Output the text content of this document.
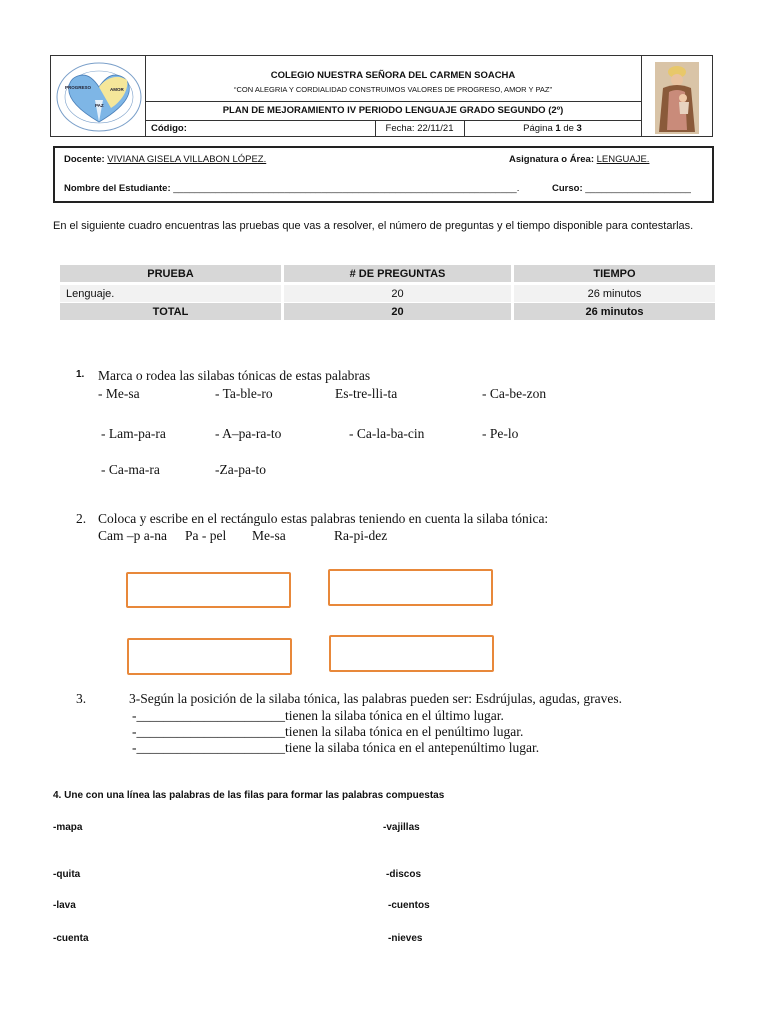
PROGRESO	AMOR
PAZ
COLEGIO NUESTRA SEÑORA DEL CARMEN SOACHA
“CON ALEGRIA Y CORDIALIDAD CONSTRUIMOS VALORES DE PROGRESO, AMOR Y PAZ”
PLAN DE MEJORAMIENTO IV PERIODO LENGUAJE GRADO SEGUNDO (2º)
Código:	Fecha: 22/11/21	Página 1 de 3
Docente: VIVIANA GISELA VILLABON LÓPEZ.	Asignatura o Área: LENGUAJE.
Nombre del Estudiante: _________________________________________________________________.	Curso: ____________________
En el siguiente cuadro encuentras las pruebas que vas a resolver, el número de preguntas y el tiempo disponible para contestarlas.
PRUEBA	# DE PREGUNTAS	TIEMPO
Lenguaje.	20	26 minutos
TOTAL	20	26 minutos
1. Marca o rodea las silabas tónicas de estas palabras
- Me-sa	- Ta-ble-ro	Es-tre-lli-ta	- Ca-be-zon
- Lam-pa-ra	- A–pa-ra-to	- Ca-la-ba-cin	- Pe-lo
- Ca-ma-ra	-Za-pa-to
2. Coloca y escribe en el rectángulo estas palabras teniendo en cuenta la silaba tónica:
Cam –p a-na Pa - pel Me-sa	Ra-pi-dez
3.	3-Según la posición de la silaba tónica, las palabras pueden ser: Esdrújulas, agudas, graves.
-______________________tienen la silaba tónica en el último lugar.
-______________________tienen la silaba tónica en el penúltimo lugar.
-______________________tiene la silaba tónica en el antepenúltimo lugar.
4. Une con una línea las palabras de las filas para formar las palabras compuestas
-mapa
-quita
-lava
-cuenta
-vajillas
-discos
-cuentos
-nieves
